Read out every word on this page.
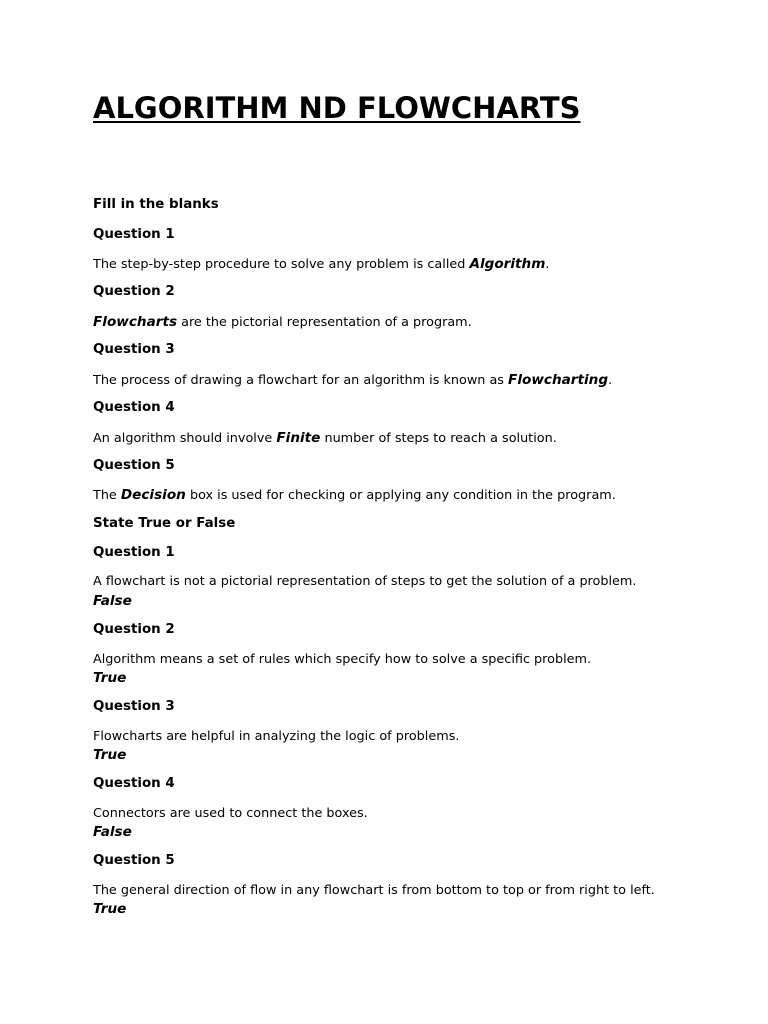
ALGORITHM ND FLOWCHARTS
Fill in the blanks
Question 1
The step-by-step procedure to solve any problem is called Algorithm.
Question 2
Flowcharts are the pictorial representation of a program.
Question 3
The process of drawing a flowchart for an algorithm is known as Flowcharting.
Question 4
An algorithm should involve Finite number of steps to reach a solution.
Question 5
The Decision box is used for checking or applying any condition in the program.
State True or False
Question 1
A flowchart is not a pictorial representation of steps to get the solution of a problem.
False
Question 2
Algorithm means a set of rules which specify how to solve a specific problem.
True
Question 3
Flowcharts are helpful in analyzing the logic of problems.
True
Question 4
Connectors are used to connect the boxes.
False
Question 5
The general direction of flow in any flowchart is from bottom to top or from right to left.
True
